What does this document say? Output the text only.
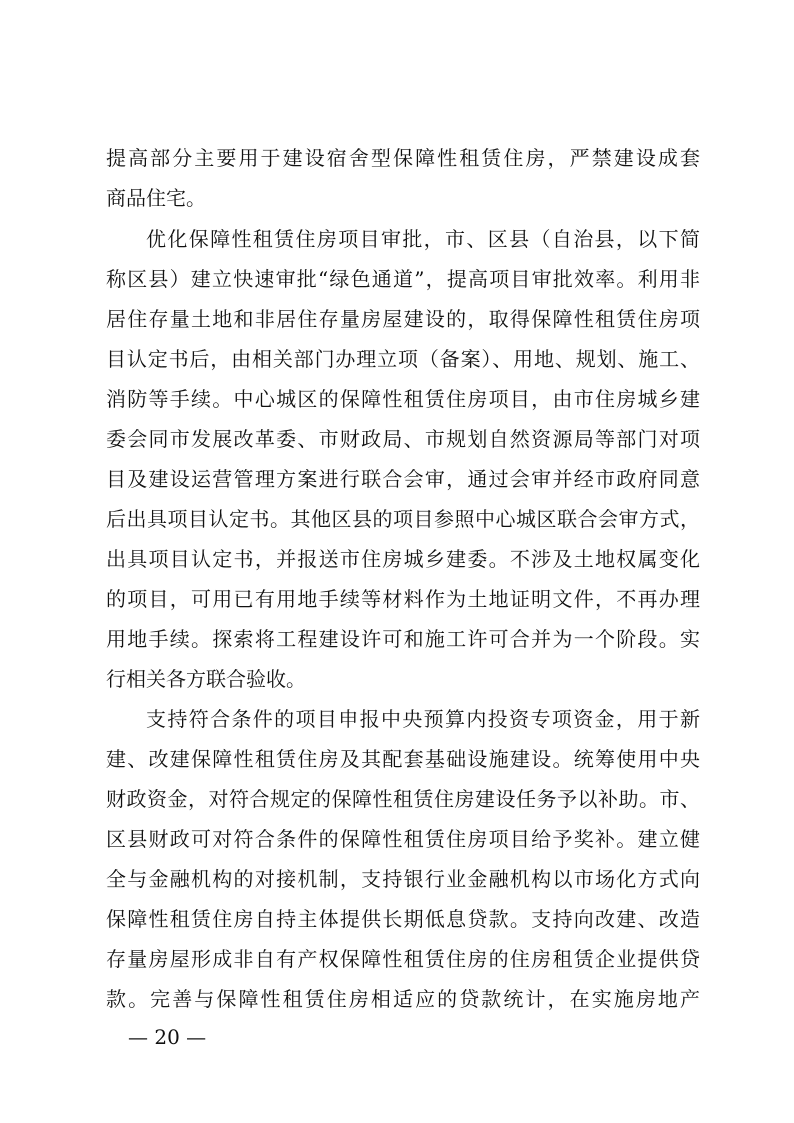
提高部分主要用于建设宿舍型保障性租赁住房，严禁建设成套
商品住宅。
优化保障性租赁住房项目审批，市、区县（自治县，以下简
称区县）建立快速审批“绿色通道”，提高项目审批效率。利用非
居住存量土地和非居住存量房屋建设的，取得保障性租赁住房项
目认定书后，由相关部门办理立项（备案）、用地、规划、施工、
消防等手续。中心城区的保障性租赁住房项目，由市住房城乡建
委会同市发展改革委、市财政局、市规划自然资源局等部门对项
目及建设运营管理方案进行联合会审，通过会审并经市政府同意
后出具项目认定书。其他区县的项目参照中心城区联合会审方式，
出具项目认定书，并报送市住房城乡建委。不涉及土地权属变化
的项目，可用已有用地手续等材料作为土地证明文件，不再办理
用地手续。探索将工程建设许可和施工许可合并为一个阶段。实
行相关各方联合验收。
支持符合条件的项目申报中央预算内投资专项资金，用于新
建、改建保障性租赁住房及其配套基础设施建设。统筹使用中央
财政资金，对符合规定的保障性租赁住房建设任务予以补助。市、
区县财政可对符合条件的保障性租赁住房项目给予奖补。建立健
全与金融机构的对接机制，支持银行业金融机构以市场化方式向
保障性租赁住房自持主体提供长期低息贷款。支持向改建、改造
存量房屋形成非自有产权保障性租赁住房的住房租赁企业提供贷
款。完善与保障性租赁住房相适应的贷款统计，在实施房地产
— 20 —
